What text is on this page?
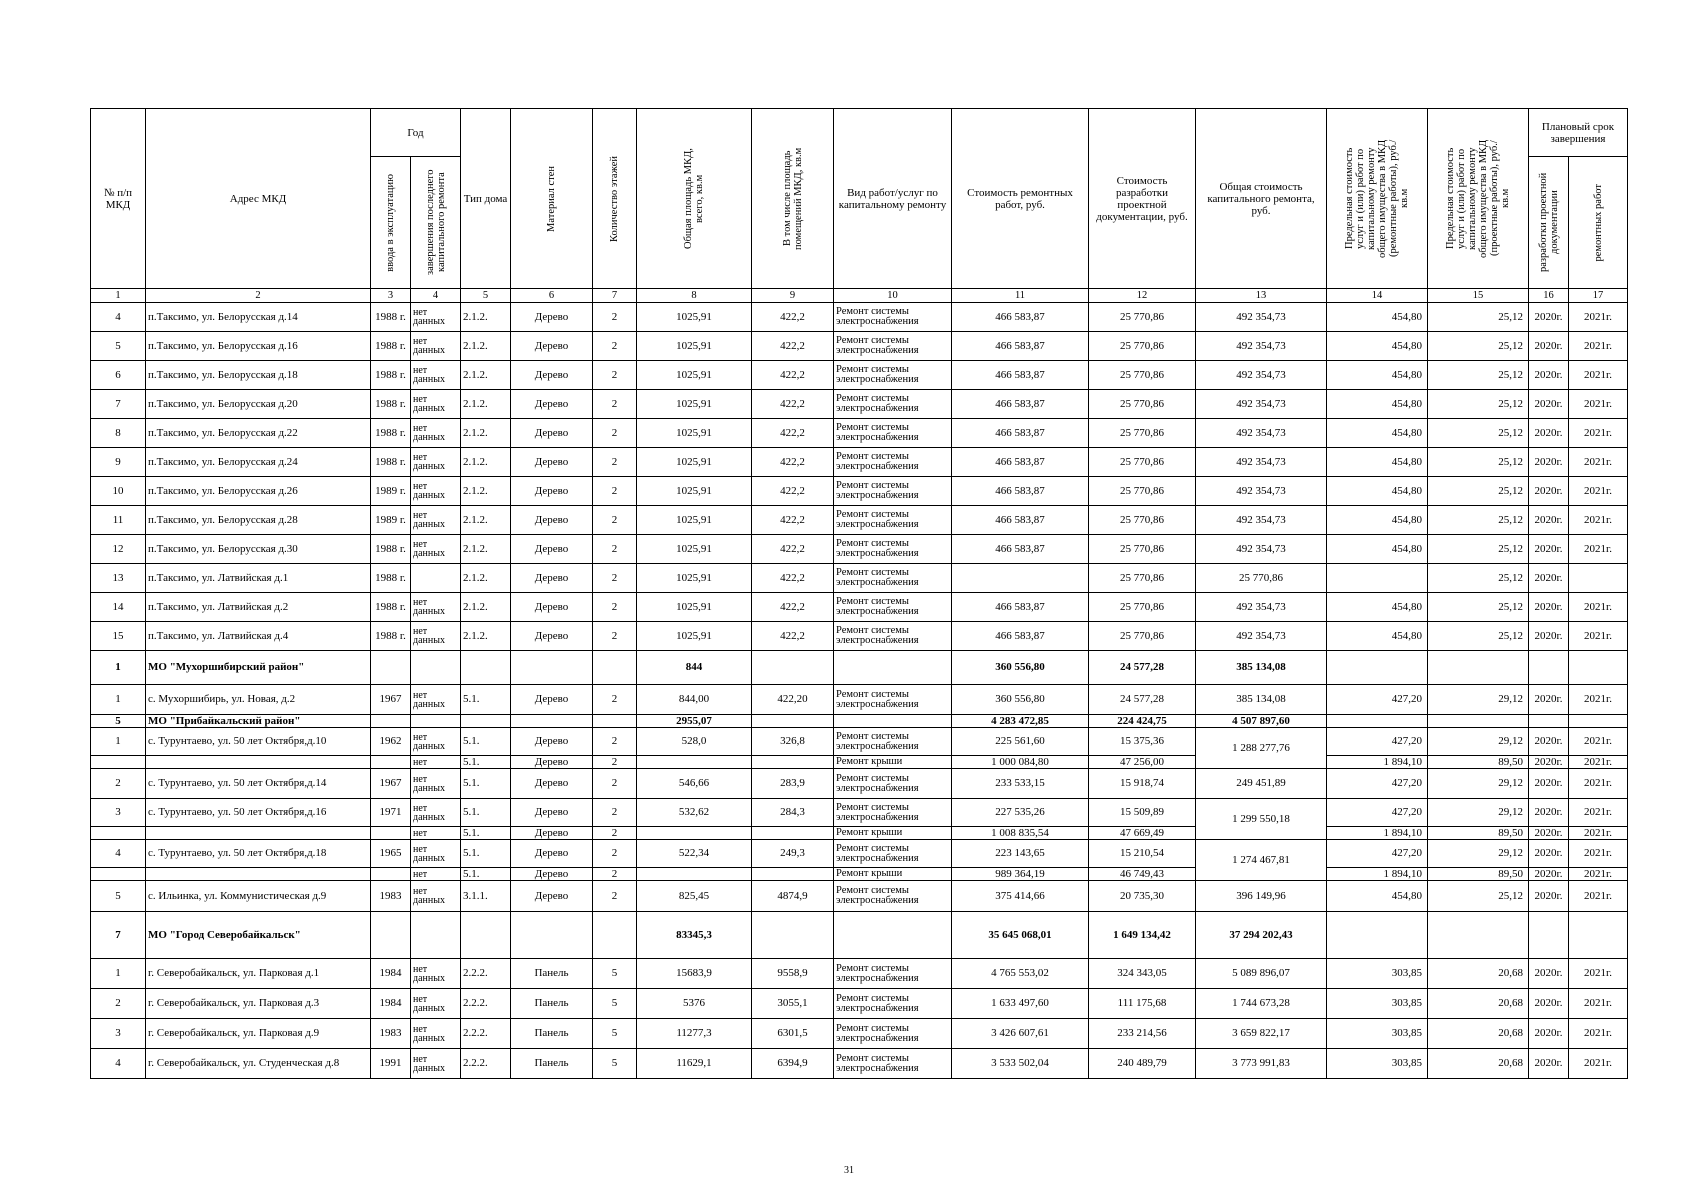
№ п/п МКД	Адрес МКД	Год		Тип дома	Материал стен	Количество этажей	Общая площадь МКД, всего, кв.м	В том числе площадь помещений МКД, кв.м	Вид работ/услуг по капитальному ремонту	Стоимость ремонтных работ, руб.	Стоимость разработки проектной документации, руб.	Общая стоимость капитального ремонта, руб.	Предельная стоимость услуг и (или) работ по капитальному ремонту общего имущества в МКД (ремонтные работы), руб./кв.м	Предельная стоимость услуг и (или) работ по капитальному ремонту общего имущества в МКД (проектные работы), руб./кв.м	Плановый срок завершения	

		ввода в эксплуатацию	завершения последнего капитального ремонта												разработки проектной документации	ремонтных работ

1	2	3	4	5	6	7	8	9	10	11	12	13	14	15	16	17
4	п.Таксимо, ул. Белорусская д.14	1988 г.	нет данных	2.1.2.	Дерево	2	1025,91	422,2	Ремонт системы электроснабжения	466 583,87	25 770,86	492 354,73	454,80	25,12	2020г.	2021г.
5	п.Таксимо, ул. Белорусская д.16	1988 г.	нет данных	2.1.2.	Дерево	2	1025,91	422,2	Ремонт системы электроснабжения	466 583,87	25 770,86	492 354,73	454,80	25,12	2020г.	2021г.
6	п.Таксимо, ул. Белорусская д.18	1988 г.	нет данных	2.1.2.	Дерево	2	1025,91	422,2	Ремонт системы электроснабжения	466 583,87	25 770,86	492 354,73	454,80	25,12	2020г.	2021г.
7	п.Таксимо, ул. Белорусская д.20	1988 г.	нет данных	2.1.2.	Дерево	2	1025,91	422,2	Ремонт системы электроснабжения	466 583,87	25 770,86	492 354,73	454,80	25,12	2020г.	2021г.
8	п.Таксимо, ул. Белорусская д.22	1988 г.	нет данных	2.1.2.	Дерево	2	1025,91	422,2	Ремонт системы электроснабжения	466 583,87	25 770,86	492 354,73	454,80	25,12	2020г.	2021г.
9	п.Таксимо, ул. Белорусская д.24	1988 г.	нет данных	2.1.2.	Дерево	2	1025,91	422,2	Ремонт системы электроснабжения	466 583,87	25 770,86	492 354,73	454,80	25,12	2020г.	2021г.
10	п.Таксимо, ул. Белорусская д.26	1989 г.	нет данных	2.1.2.	Дерево	2	1025,91	422,2	Ремонт системы электроснабжения	466 583,87	25 770,86	492 354,73	454,80	25,12	2020г.	2021г.
11	п.Таксимо, ул. Белорусская д.28	1989 г.	нет данных	2.1.2.	Дерево	2	1025,91	422,2	Ремонт системы электроснабжения	466 583,87	25 770,86	492 354,73	454,80	25,12	2020г.	2021г.
12	п.Таксимо, ул. Белорусская д.30	1988 г.	нет данных	2.1.2.	Дерево	2	1025,91	422,2	Ремонт системы электроснабжения	466 583,87	25 770,86	492 354,73	454,80	25,12	2020г.	2021г.
13	п.Таксимо, ул. Латвийская д.1	1988 г.		2.1.2.	Дерево	2	1025,91	422,2	Ремонт системы электроснабжения		25 770,86	25 770,86		25,12	2020г.	
14	п.Таксимо, ул. Латвийская д.2	1988 г.	нет данных	2.1.2.	Дерево	2	1025,91	422,2	Ремонт системы электроснабжения	466 583,87	25 770,86	492 354,73	454,80	25,12	2020г.	2021г.
15	п.Таксимо, ул. Латвийская д.4	1988 г.	нет данных	2.1.2.	Дерево	2	1025,91	422,2	Ремонт системы электроснабжения	466 583,87	25 770,86	492 354,73	454,80	25,12	2020г.	2021г.
1	МО "Мухоршибирский район"						844			360 556,80	24 577,28	385 134,08				
1	с. Мухоршибирь, ул. Новая, д.2	1967	нет данных	5.1.	Дерево	2	844,00	422,20	Ремонт системы электроснабжения	360 556,80	24 577,28	385 134,08	427,20	29,12	2020г.	2021г.
5	МО "Прибайкальский район"						2955,07			4 283 472,85	224 424,75	4 507 897,60				
1	с. Турунтаево, ул. 50 лет Октября,д.10	1962	нет данных	5.1.	Дерево	2	528,0	326,8	Ремонт системы электроснабжения	225 561,60	15 375,36	1 288 277,76	427,20	29,12	2020г.	2021г.
			нет	5.1.	Дерево	2			Ремонт крыши	1 000 084,80	47 256,00		1 894,10	89,50	2020г.	2021г.
2	с. Турунтаево, ул. 50 лет Октября,д.14	1967	нет данных	5.1.	Дерево	2	546,66	283,9	Ремонт системы электроснабжения	233 533,15	15 918,74	249 451,89	427,20	29,12	2020г.	2021г.
3	с. Турунтаево, ул. 50 лет Октября,д.16	1971	нет данных	5.1.	Дерево	2	532,62	284,3	Ремонт системы электроснабжения	227 535,26	15 509,89	1 299 550,18	427,20	29,12	2020г.	2021г.
			нет	5.1.	Дерево	2			Ремонт крыши	1 008 835,54	47 669,49		1 894,10	89,50	2020г.	2021г.
4	с. Турунтаево, ул. 50 лет Октября,д.18	1965	нет данных	5.1.	Дерево	2	522,34	249,3	Ремонт системы электроснабжения	223 143,65	15 210,54	1 274 467,81	427,20	29,12	2020г.	2021г.
			нет	5.1.	Дерево	2			Ремонт крыши	989 364,19	46 749,43		1 894,10	89,50	2020г.	2021г.
5	с. Ильинка, ул. Коммунистическая д.9	1983	нет данных	3.1.1.	Дерево	2	825,45	4874,9	Ремонт системы электроснабжения	375 414,66	20 735,30	396 149,96	454,80	25,12	2020г.	2021г.
7	МО "Город Северобайкальск"						83345,3			35 645 068,01	1 649 134,42	37 294 202,43				
1	г. Северобайкальск, ул. Парковая д.1	1984	нет данных	2.2.2.	Панель	5	15683,9	9558,9	Ремонт системы электроснабжения	4 765 553,02	324 343,05	5 089 896,07	303,85	20,68	2020г.	2021г.
2	г. Северобайкальск, ул. Парковая д.3	1984	нет данных	2.2.2.	Панель	5	5376	3055,1	Ремонт системы электроснабжения	1 633 497,60	111 175,68	1 744 673,28	303,85	20,68	2020г.	2021г.
3	г. Северобайкальск, ул. Парковая д.9	1983	нет данных	2.2.2.	Панель	5	11277,3	6301,5	Ремонт системы электроснабжения	3 426 607,61	233 214,56	3 659 822,17	303,85	20,68	2020г.	2021г.
4	г. Северобайкальск, ул. Студенческая д.8	1991	нет данных	2.2.2.	Панель	5	11629,1	6394,9	Ремонт системы электроснабжения	3 533 502,04	240 489,79	3 773 991,83	303,85	20,68	2020г.	2021г.
31
